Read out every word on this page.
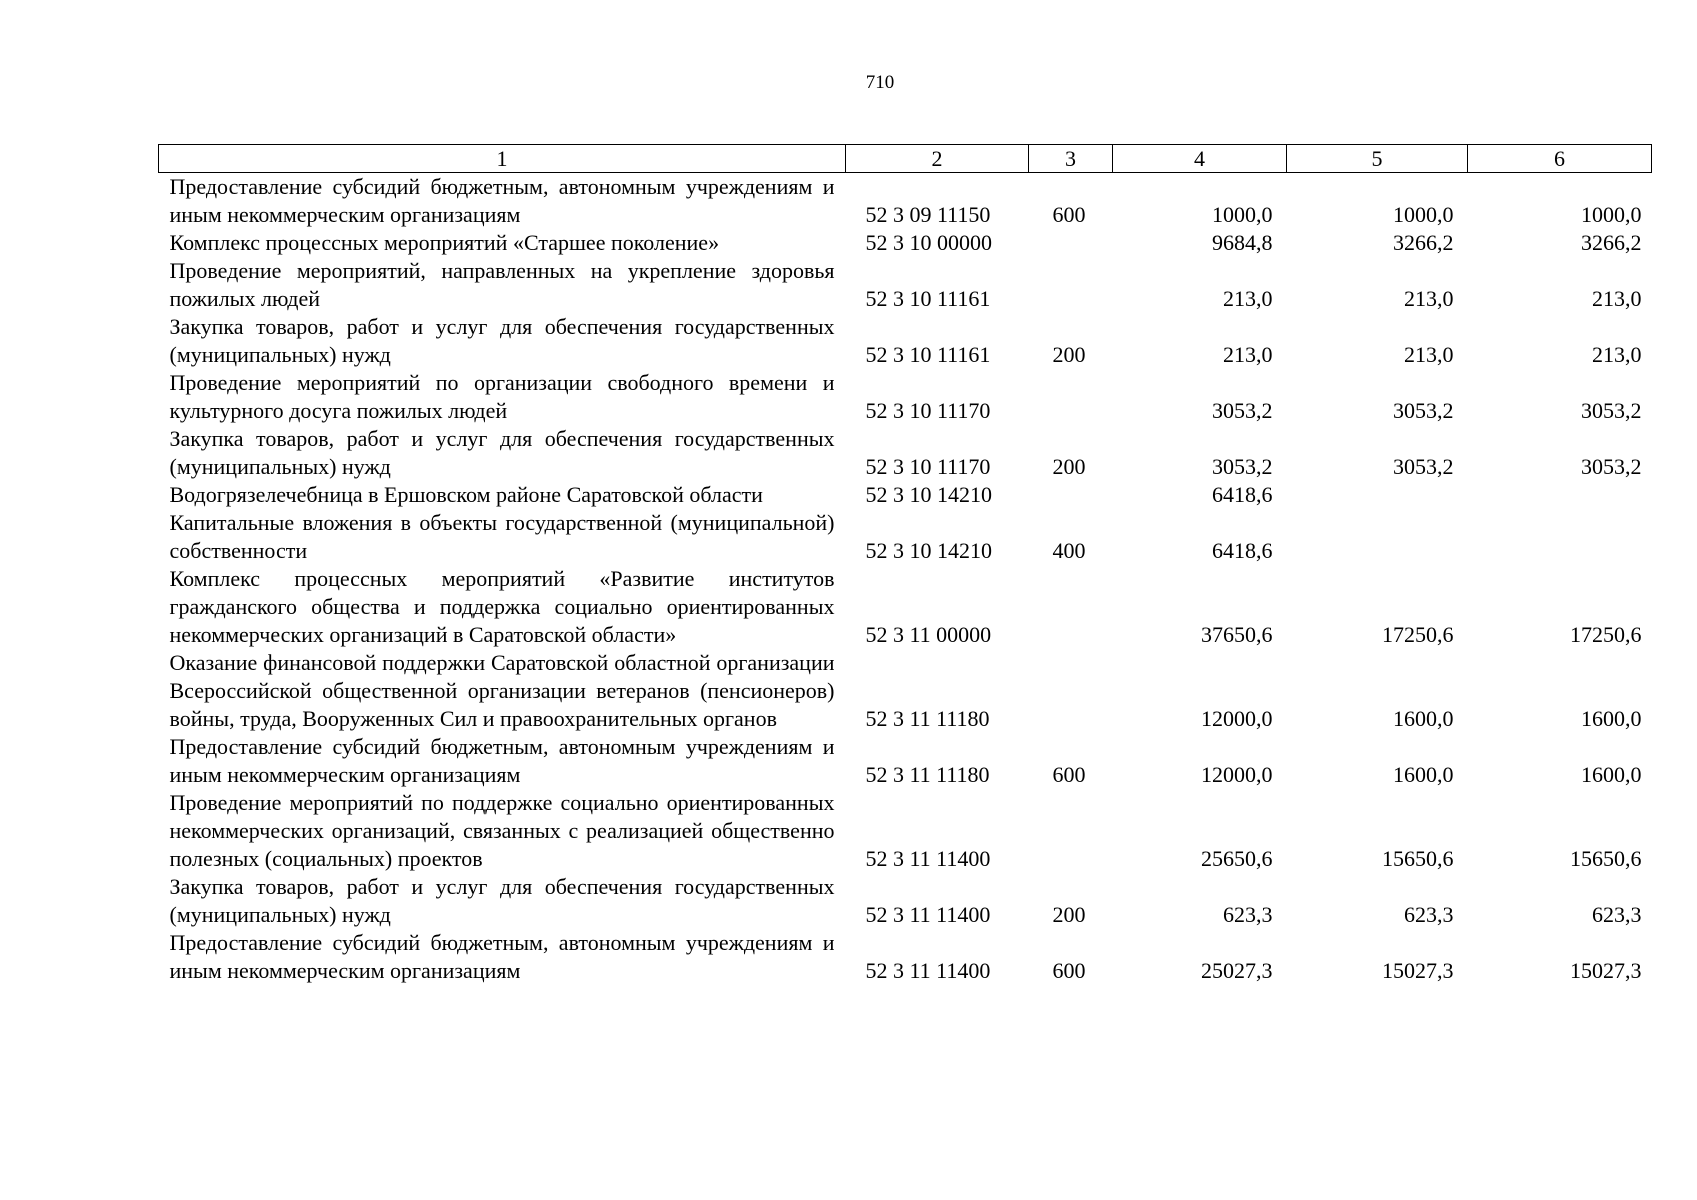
710
1	2	3	4	5	6
Предоставление субсидий бюджетным, автономным учреждениям и иным некоммерческим организациям	52 3 09 11150	600	1000,0	1000,0	1000,0
Комплекс процессных мероприятий «Старшее поколение»	52 3 10 00000		9684,8	3266,2	3266,2
Проведение мероприятий, направленных на укрепление здоровья пожилых людей	52 3 10 11161		213,0	213,0	213,0
Закупка товаров, работ и услуг для обеспечения государственных (муниципальных) нужд	52 3 10 11161	200	213,0	213,0	213,0
Проведение мероприятий по организации свободного времени и культурного досуга пожилых людей	52 3 10 11170		3053,2	3053,2	3053,2
Закупка товаров, работ и услуг для обеспечения государственных (муниципальных) нужд	52 3 10 11170	200	3053,2	3053,2	3053,2
Водогрязелечебница в Ершовском районе Саратовской области	52 3 10 14210		6418,6		
Капитальные вложения в объекты государственной (муниципальной) собственности	52 3 10 14210	400	6418,6		
Комплекс процессных мероприятий «Развитие институтов гражданского общества и поддержка социально ориентированных некоммерческих организаций в Саратовской области»	52 3 11 00000		37650,6	17250,6	17250,6
Оказание финансовой поддержки Саратовской областной организации Всероссийской общественной организации ветеранов (пенсионеров) войны, труда, Вооруженных Сил и правоохранительных органов	52 3 11 11180		12000,0	1600,0	1600,0
Предоставление субсидий бюджетным, автономным учреждениям и иным некоммерческим организациям	52 3 11 11180	600	12000,0	1600,0	1600,0
Проведение мероприятий по поддержке социально ориентированных некоммерческих организаций, связанных с реализацией общественно полезных (социальных) проектов	52 3 11 11400		25650,6	15650,6	15650,6
Закупка товаров, работ и услуг для обеспечения государственных (муниципальных) нужд	52 3 11 11400	200	623,3	623,3	623,3
Предоставление субсидий бюджетным, автономным учреждениям и иным некоммерческим организациям	52 3 11 11400	600	25027,3	15027,3	15027,3
